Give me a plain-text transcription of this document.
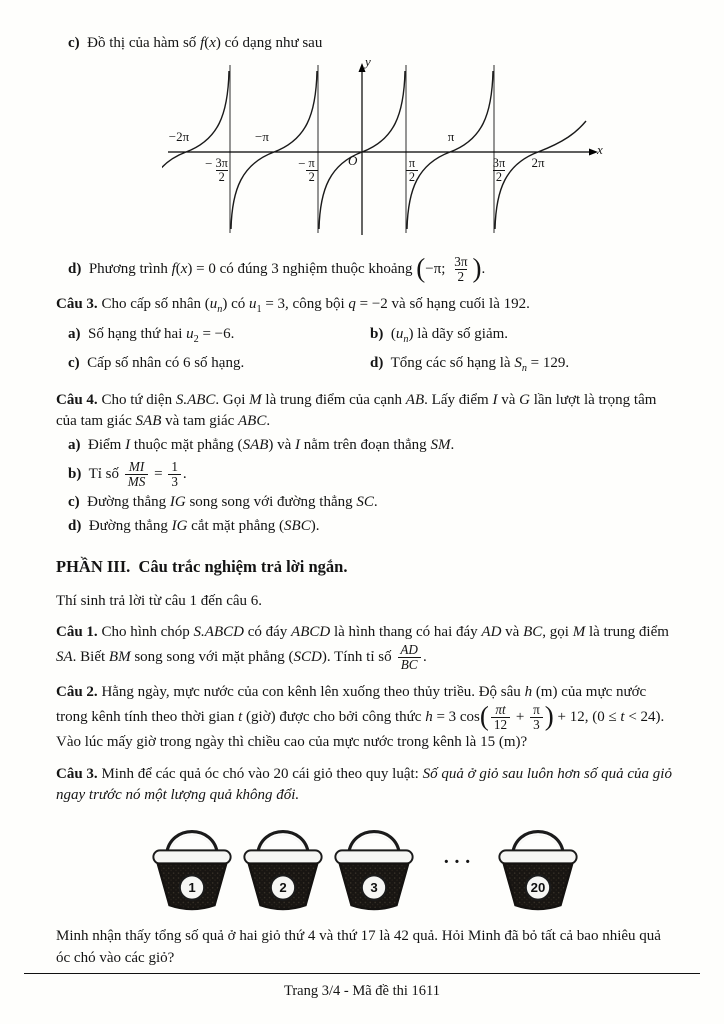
c)  Đồ thị của hàm số f(x) có dạng như sau

y
x
O
−2π
− $\frac{3\pi}{2}$
−π
− $\frac{\pi}{2}$	$\frac{\pi}{2}$
π
$\frac{3\pi}{2}$	2π

d)  Phương trình f(x) = 0 có đúng 3 nghiệm thuộc khoảng (−π; $\frac{3\pi}{2}$ ).

Câu 3. Cho cấp số nhân $(u_n)$ có $u_1 = 3$, công bội q = −2 và số hạng cuối là 192.

a)  Số hạng thứ hai $u_2 = -6$.	b)  $(u_n)$ là dãy số giảm.

c)  Cấp số nhân có 6 số hạng.	d)  Tổng các số hạng là $S_n = 129$.

Câu 4. Cho tứ diện S.ABC. Gọi M là trung điểm của cạnh AB. Lấy điểm I và G lần lượt là trọng tâm của tam giác SAB và tam giác ABC.

a)  Điểm I thuộc mặt phẳng (SAB) và I nằm trên đoạn thẳng SM.

b)  Tỉ số $\frac{MI}{MS} = \frac{1}{3}$ .

c)  Đường thẳng IG song song với đường thẳng SC.

d)  Đường thẳng IG cắt mặt phẳng (SBC).

PHẦN III.  Câu trắc nghiệm trả lời ngắn.

Thí sinh trả lời từ câu 1 đến câu 6.

Câu 1. Cho hình chóp S.ABCD có đáy ABCD là hình thang có hai đáy AD và BC, gọi M là trung điểm SA. Biết BM song song với mặt phẳng (SCD). Tính tỉ số $\frac{AD}{BC}$ .

Câu 2. Hằng ngày, mực nước của con kênh lên xuống theo thủy triều. Độ sâu h (m) của mực nước trong kênh tính theo thời gian t (giờ) được cho bởi công thức h = 3 $\cos( \frac{\pi t}{12} + \frac{\pi}{3}$ ) + 12, (0 ≤ t < 24). Vào lúc mấy giờ trong ngày thì chiều cao của mực nước trong kênh là 15 (m)?

Câu 3. Minh để các quả óc chó vào 20 cái giỏ theo quy luật: Số quả ở giỏ sau luôn hơn số quả của giỏ ngay trước nó một lượng quả không đổi.

1	2	3
···
20

Minh nhận thấy tổng số quả ở hai giỏ thứ 4 và thứ 17 là 42 quả. Hỏi Minh đã bỏ tất cả bao nhiêu quả óc chó vào các giỏ?

Trang 3/4 - Mã đề thi 1611
